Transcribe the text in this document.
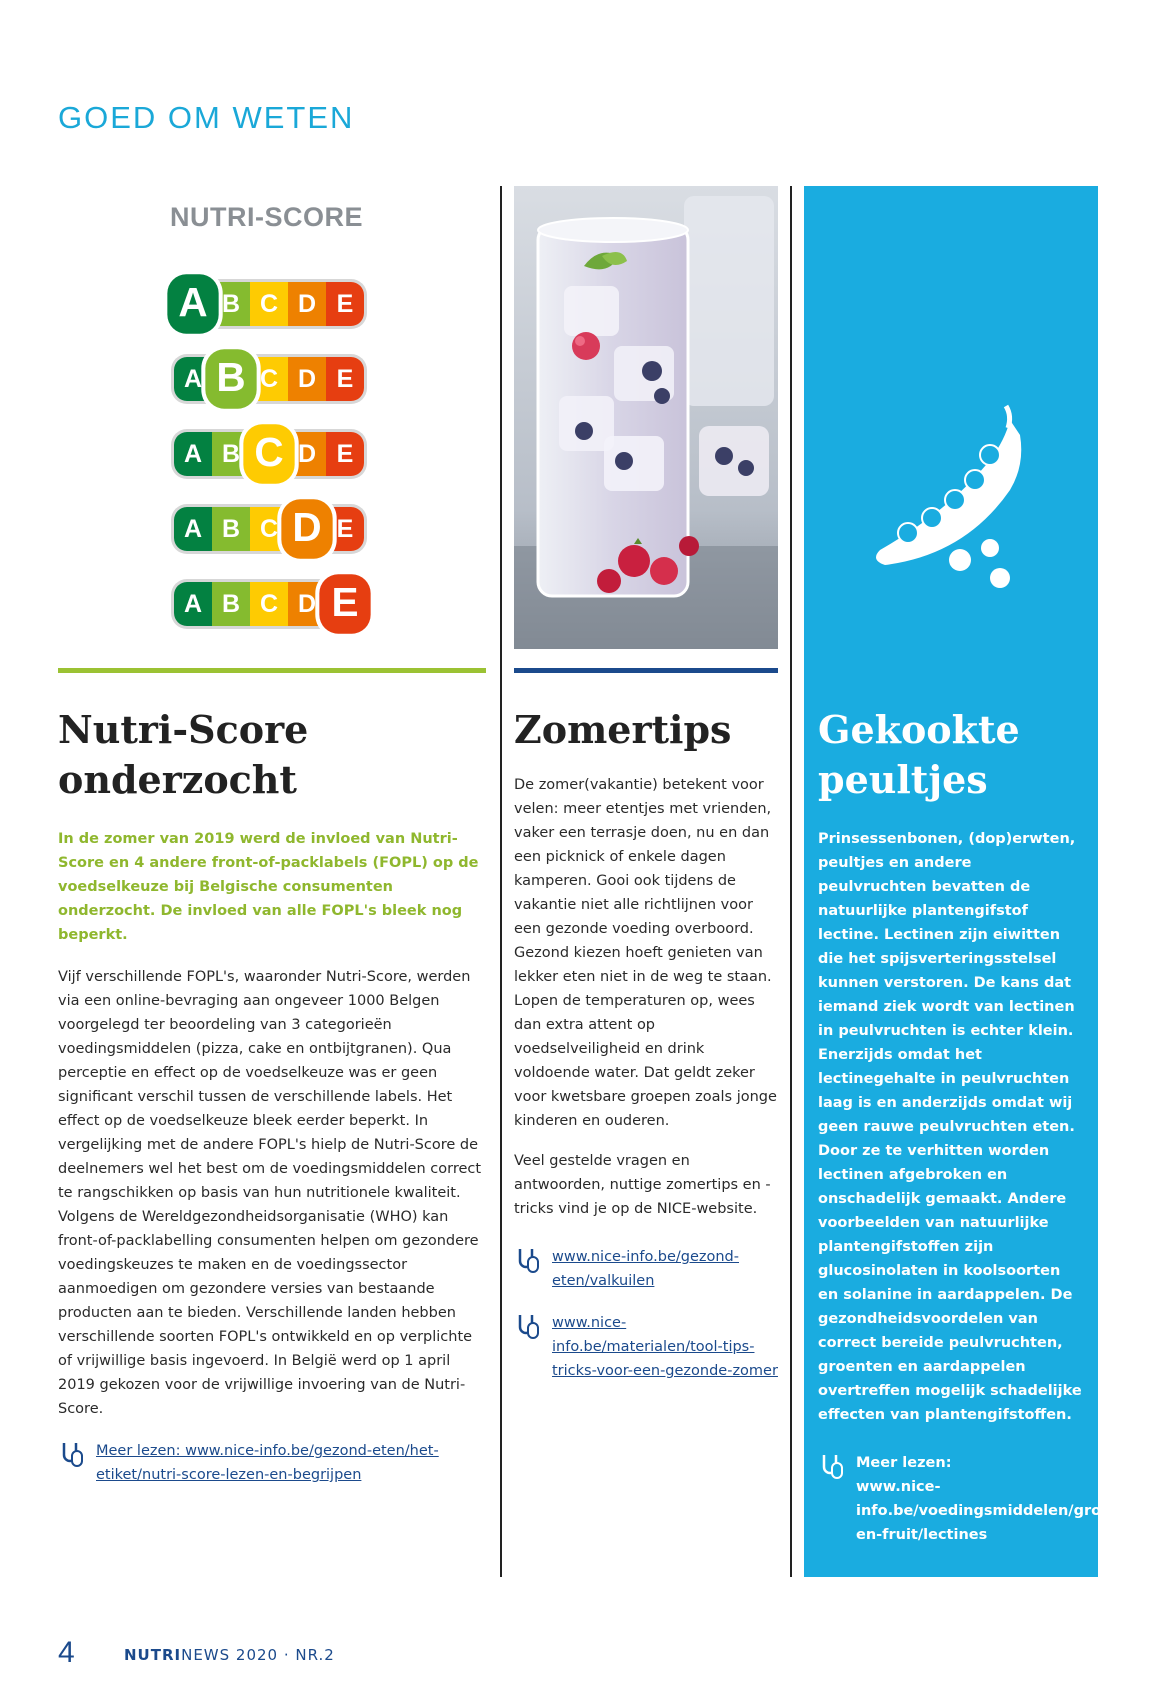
GOED OM WETEN
NUTRI-SCORE
A B C D E
A B C D E
A B C D E
A B C D E
A B C D E
Nutri-Score
onderzocht

In de zomer van 2019 werd de invloed van Nutri-Score en 4 andere front-of-packlabels (FOPL) op de voedselkeuze bij Belgische consumenten onderzocht. De invloed van alle FOPL's bleek nog beperkt.

Vijf verschillende FOPL's, waaronder Nutri-Score, werden via een online-bevraging aan ongeveer 1000 Belgen voorgelegd ter beoordeling van 3 categorieën voedingsmiddelen (pizza, cake en ontbijtgranen). Qua perceptie en effect op de voedselkeuze was er geen significant verschil tussen de verschillende labels. Het effect op de voedselkeuze bleek eerder beperkt. In vergelijking met de andere FOPL's hielp de Nutri-Score de deelnemers wel het best om de voedingsmiddelen correct te rangschikken op basis van hun nutritionele kwaliteit.

Volgens de Wereldgezondheidsorganisatie (WHO) kan front-of-packlabelling consumenten helpen om gezondere voedingskeuzes te maken en de voedingssector aanmoedigen om gezondere versies van bestaande producten aan te bieden. Verschillende landen hebben verschillende soorten FOPL's ontwikkeld en op verplichte of vrijwillige basis ingevoerd. In België werd op 1 april 2019 gekozen voor de vrijwillige invoering van de Nutri-Score.

Meer lezen: www.nice-info.be/gezond-eten/het-etiket/nutri-score-lezen-en-begrijpen
Zomertips

De zomer(vakantie) betekent voor velen: meer etentjes met vrienden, vaker een terrasje doen, nu en dan een picknick of enkele dagen kamperen. Gooi ook tijdens de vakantie niet alle richtlijnen voor een gezonde voeding overboord. Gezond kiezen hoeft genieten van lekker eten niet in de weg te staan. Lopen de temperaturen op, wees dan extra attent op voedselveiligheid en drink voldoende water. Dat geldt zeker voor kwetsbare groepen zoals jonge kinderen en ouderen.

Veel gestelde vragen en antwoorden, nuttige zomertips en -tricks vind je op de NICE-website.

www.nice-info.be/gezond-eten/valkuilen
www.nice-info.be/materialen/tool-tips-tricks-voor-een-gezonde-zomer
Gekookte
peultjes

Prinsessenbonen, (dop)erwten, peultjes en andere peulvruchten bevatten de natuurlijke plantengifstof lectine. Lectinen zijn eiwitten die het spijsverteringsstelsel kunnen verstoren. De kans dat iemand ziek wordt van lectinen in peulvruchten is echter klein. Enerzijds omdat het lectinegehalte in peulvruchten laag is en anderzijds omdat wij geen rauwe peulvruchten eten. Door ze te verhitten worden lectinen afgebroken en onschadelijk gemaakt. Andere voorbeelden van natuurlijke plantengifstoffen zijn glucosinolaten in koolsoorten en solanine in aardappelen. De gezondheidsvoordelen van correct bereide peulvruchten, groenten en aardappelen overtreffen mogelijk schadelijke effecten van plantengifstoffen.

Meer lezen:
www.nice-info.be/voedingsmiddelen/groenten-en-fruit/lectines
4	NUTRINEWS 2020 · NR.2
